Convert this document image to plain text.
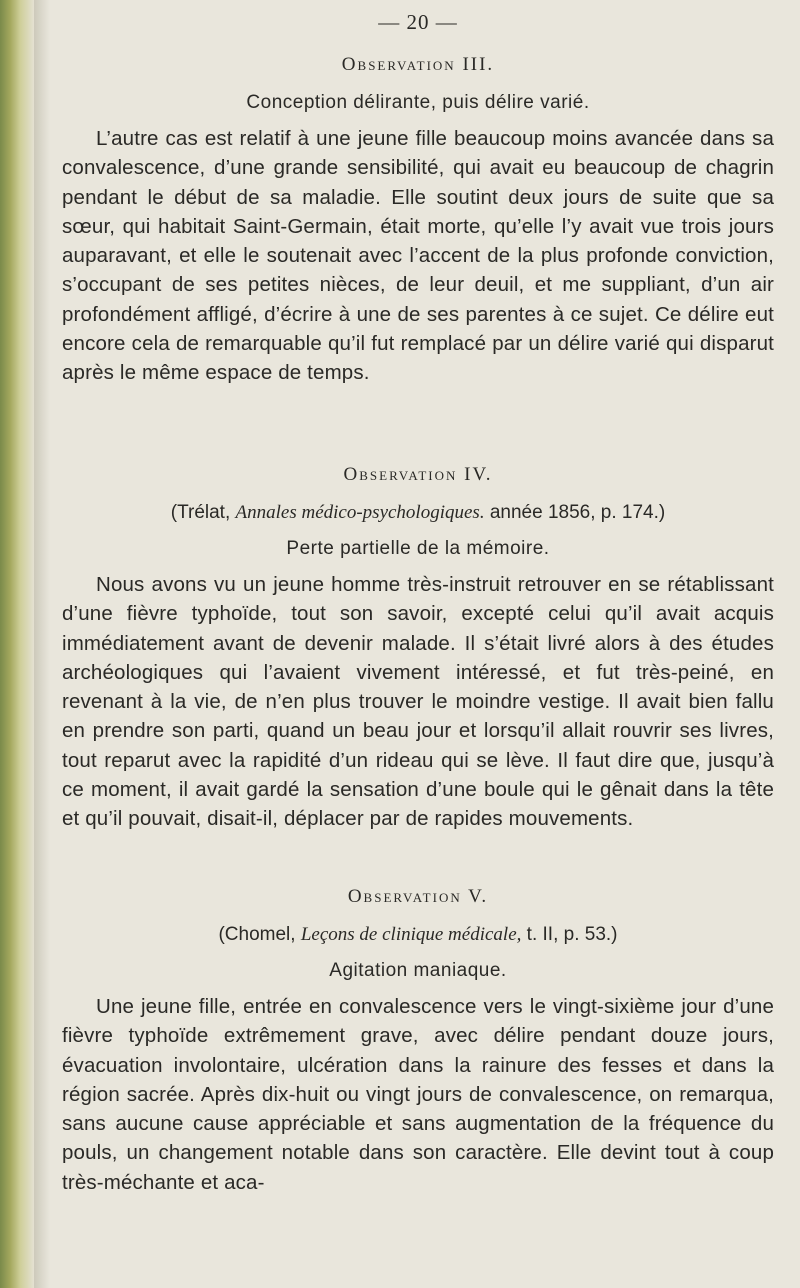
— 20 —
Observation III.
Conception délirante, puis délire varié.
L’autre cas est relatif à une jeune fille beaucoup moins avancée dans sa convalescence, d’une grande sensibilité, qui avait eu beaucoup de chagrin pendant le début de sa maladie. Elle soutint deux jours de suite que sa sœur, qui habitait Saint-Germain, était morte, qu’elle l’y avait vue trois jours auparavant, et elle le soutenait avec l’accent de la plus profonde conviction, s’occupant de ses petites nièces, de leur deuil, et me suppliant, d’un air profondément affligé, d’écrire à une de ses parentes à ce sujet. Ce délire eut encore cela de remarquable qu’il fut remplacé par un délire varié qui disparut après le même espace de temps.
Observation IV.
(Trélat, Annales médico-psychologiques. année 1856, p. 174.)
Perte partielle de la mémoire.
Nous avons vu un jeune homme très-instruit retrouver en se rétablissant d’une fièvre typhoïde, tout son savoir, excepté celui qu’il avait acquis immédiatement avant de devenir malade. Il s’était livré alors à des études archéologiques qui l’avaient vivement intéressé, et fut très-peiné, en revenant à la vie, de n’en plus trouver le moindre vestige. Il avait bien fallu en prendre son parti, quand un beau jour et lorsqu’il allait rouvrir ses livres, tout reparut avec la rapidité d’un rideau qui se lève. Il faut dire que, jusqu’à ce moment, il avait gardé la sensation d’une boule qui le gênait dans la tête et qu’il pouvait, disait-il, déplacer par de rapides mouvements.
Observation V.
(Chomel, Leçons de clinique médicale, t. II, p. 53.)
Agitation maniaque.
Une jeune fille, entrée en convalescence vers le vingt-sixième jour d’une fièvre typhoïde extrêmement grave, avec délire pendant douze jours, évacuation involontaire, ulcération dans la rainure des fesses et dans la région sacrée. Après dix-huit ou vingt jours de convalescence, on remarqua, sans aucune cause appréciable et sans augmentation de la fréquence du pouls, un changement notable dans son caractère. Elle devint tout à coup très-méchante et aca-
